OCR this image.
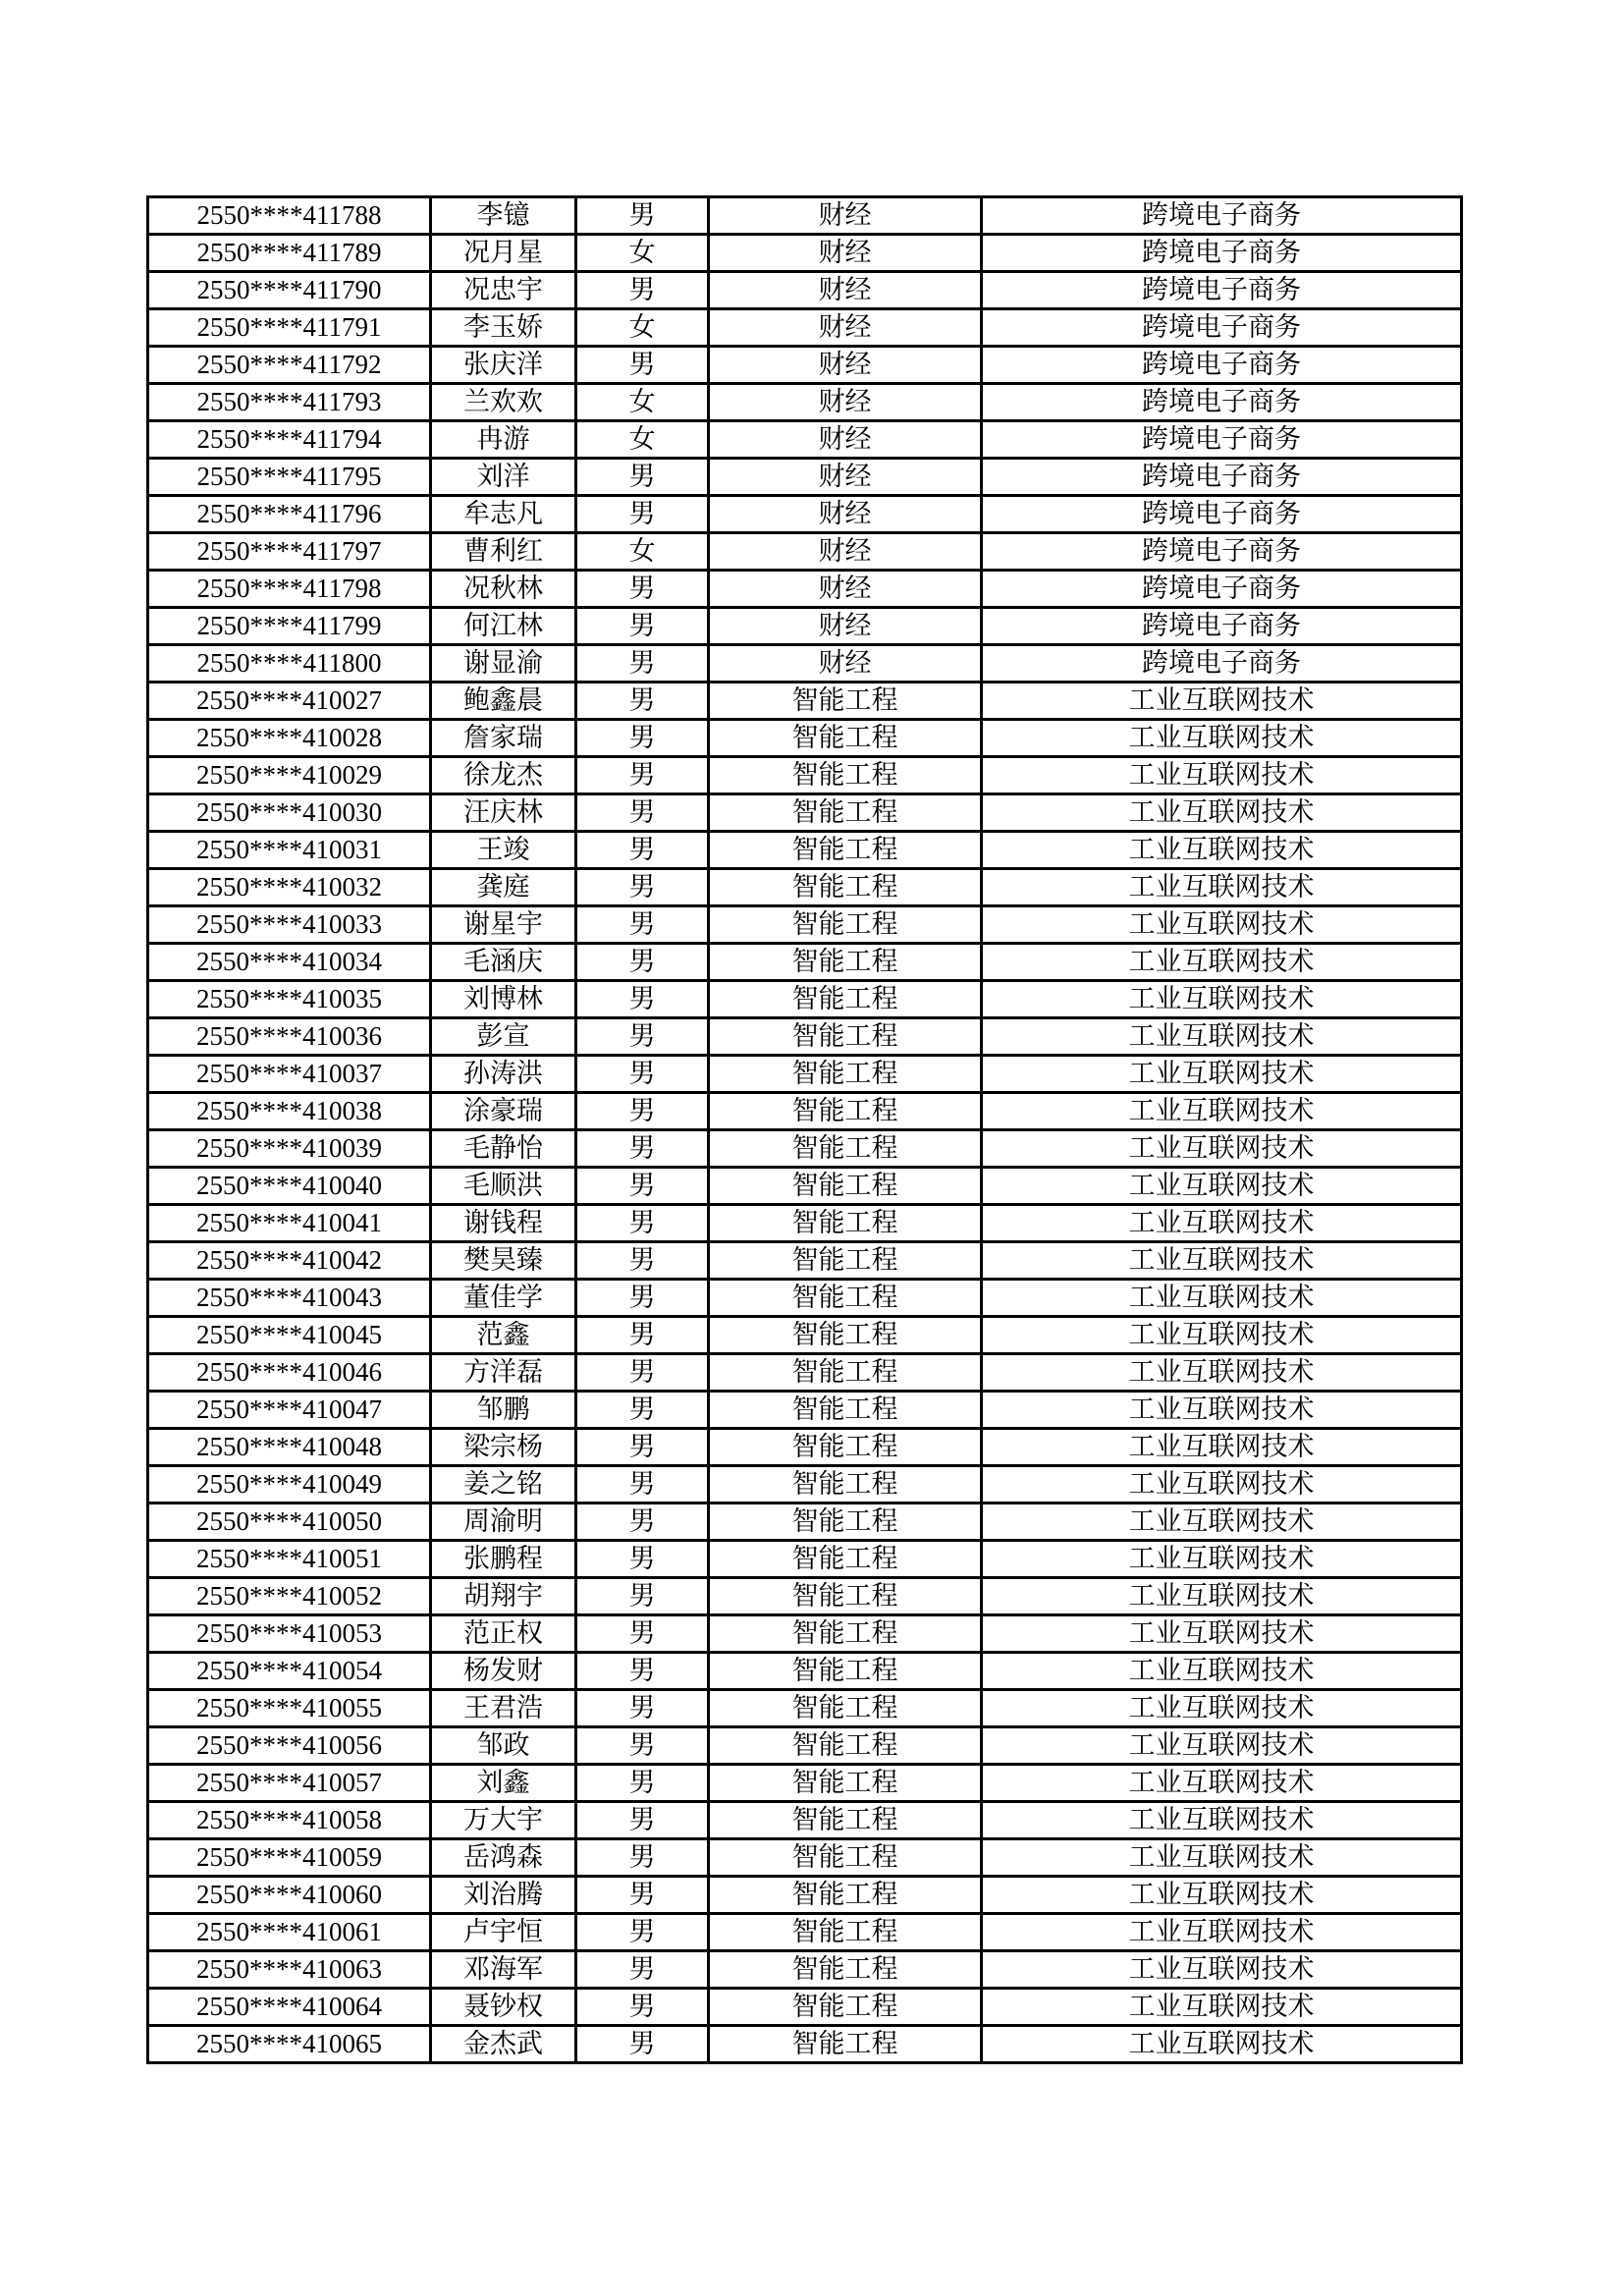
2550****411788	李镱	男	财经	跨境电子商务
2550****411789	况月星	女	财经	跨境电子商务
2550****411790	况忠宇	男	财经	跨境电子商务
2550****411791	李玉娇	女	财经	跨境电子商务
2550****411792	张庆洋	男	财经	跨境电子商务
2550****411793	兰欢欢	女	财经	跨境电子商务
2550****411794	冉游	女	财经	跨境电子商务
2550****411795	刘洋	男	财经	跨境电子商务
2550****411796	牟志凡	男	财经	跨境电子商务
2550****411797	曹利红	女	财经	跨境电子商务
2550****411798	况秋林	男	财经	跨境电子商务
2550****411799	何江林	男	财经	跨境电子商务
2550****411800	谢显渝	男	财经	跨境电子商务
2550****410027	鲍鑫晨	男	智能工程	工业互联网技术
2550****410028	詹家瑞	男	智能工程	工业互联网技术
2550****410029	徐龙杰	男	智能工程	工业互联网技术
2550****410030	汪庆林	男	智能工程	工业互联网技术
2550****410031	王竣	男	智能工程	工业互联网技术
2550****410032	龚庭	男	智能工程	工业互联网技术
2550****410033	谢星宇	男	智能工程	工业互联网技术
2550****410034	毛涵庆	男	智能工程	工业互联网技术
2550****410035	刘博林	男	智能工程	工业互联网技术
2550****410036	彭宣	男	智能工程	工业互联网技术
2550****410037	孙涛洪	男	智能工程	工业互联网技术
2550****410038	涂豪瑞	男	智能工程	工业互联网技术
2550****410039	毛静怡	男	智能工程	工业互联网技术
2550****410040	毛顺洪	男	智能工程	工业互联网技术
2550****410041	谢钱程	男	智能工程	工业互联网技术
2550****410042	樊昊臻	男	智能工程	工业互联网技术
2550****410043	董佳学	男	智能工程	工业互联网技术
2550****410045	范鑫	男	智能工程	工业互联网技术
2550****410046	方洋磊	男	智能工程	工业互联网技术
2550****410047	邹鹏	男	智能工程	工业互联网技术
2550****410048	梁宗杨	男	智能工程	工业互联网技术
2550****410049	姜之铭	男	智能工程	工业互联网技术
2550****410050	周渝明	男	智能工程	工业互联网技术
2550****410051	张鹏程	男	智能工程	工业互联网技术
2550****410052	胡翔宇	男	智能工程	工业互联网技术
2550****410053	范正权	男	智能工程	工业互联网技术
2550****410054	杨发财	男	智能工程	工业互联网技术
2550****410055	王君浩	男	智能工程	工业互联网技术
2550****410056	邹政	男	智能工程	工业互联网技术
2550****410057	刘鑫	男	智能工程	工业互联网技术
2550****410058	万大宇	男	智能工程	工业互联网技术
2550****410059	岳鸿森	男	智能工程	工业互联网技术
2550****410060	刘治腾	男	智能工程	工业互联网技术
2550****410061	卢宇恒	男	智能工程	工业互联网技术
2550****410063	邓海军	男	智能工程	工业互联网技术
2550****410064	聂钞权	男	智能工程	工业互联网技术
2550****410065	金杰武	男	智能工程	工业互联网技术
